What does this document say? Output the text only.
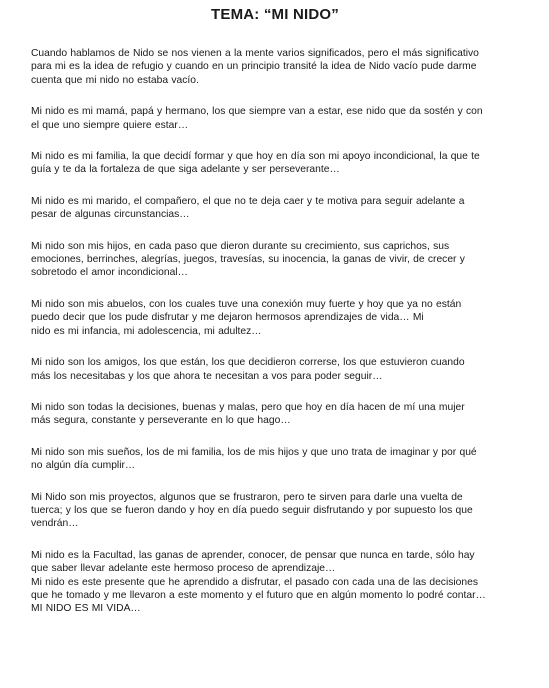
TEMA: “MI NIDO”
Cuando hablamos de Nido se nos vienen a la mente varios significados, pero el más significativo
para mi es la idea de refugio y cuando en un principio transité la idea de Nido vacío pude darme
cuenta que mi nido no estaba vacío.
Mi nido es mi mamá, papá y hermano, los que siempre van a estar, ese nido que da sostén y con
el que uno siempre quiere estar…
Mi nido es mi familia, la que decidí formar y que hoy en día son mi apoyo incondicional, la que te
guía y te da la fortaleza de que siga adelante y ser perseverante…
Mi nido es mi marido, el compañero, el que no te deja caer y te motiva para seguir adelante a
pesar de algunas circunstancias…
Mi nido son mis hijos, en cada paso que dieron durante su crecimiento, sus caprichos, sus
emociones, berrinches, alegrías, juegos, travesías, su inocencia, la ganas de vivir, de crecer y
sobretodo el amor incondicional…
Mi nido son mis abuelos, con los cuales tuve una conexión muy fuerte y hoy que ya no están
puedo decir que los pude disfrutar y me dejaron hermosos aprendizajes de vida… Mi
nido es mi infancia, mi adolescencia, mi adultez…
Mi nido son los amigos, los que están, los que decidieron correrse, los que estuvieron cuando
más los necesitabas y los que ahora te necesitan a vos para poder seguir…
Mi nido son todas la decisiones, buenas y malas, pero que hoy en día hacen de mí una mujer
más segura, constante y perseverante en lo que hago…
Mi nido son mis sueños, los de mi familia, los de mis hijos y que uno trata de imaginar y por qué
no algún día cumplir…
Mi Nido son mis proyectos, algunos que se frustraron, pero te sirven para darle una vuelta de
tuerca; y los que se fueron dando y hoy en día puedo seguir disfrutando y por supuesto los que
vendrán…
Mi nido es la Facultad, las ganas de aprender, conocer, de pensar que nunca en tarde, sólo hay
que saber llevar adelante este hermoso proceso de aprendizaje…
Mi nido es este presente que he aprendido a disfrutar, el pasado con cada una de las decisiones
que he tomado y me llevaron a este momento y el futuro que en algún momento lo podré contar…
MI NIDO ES MI VIDA…
